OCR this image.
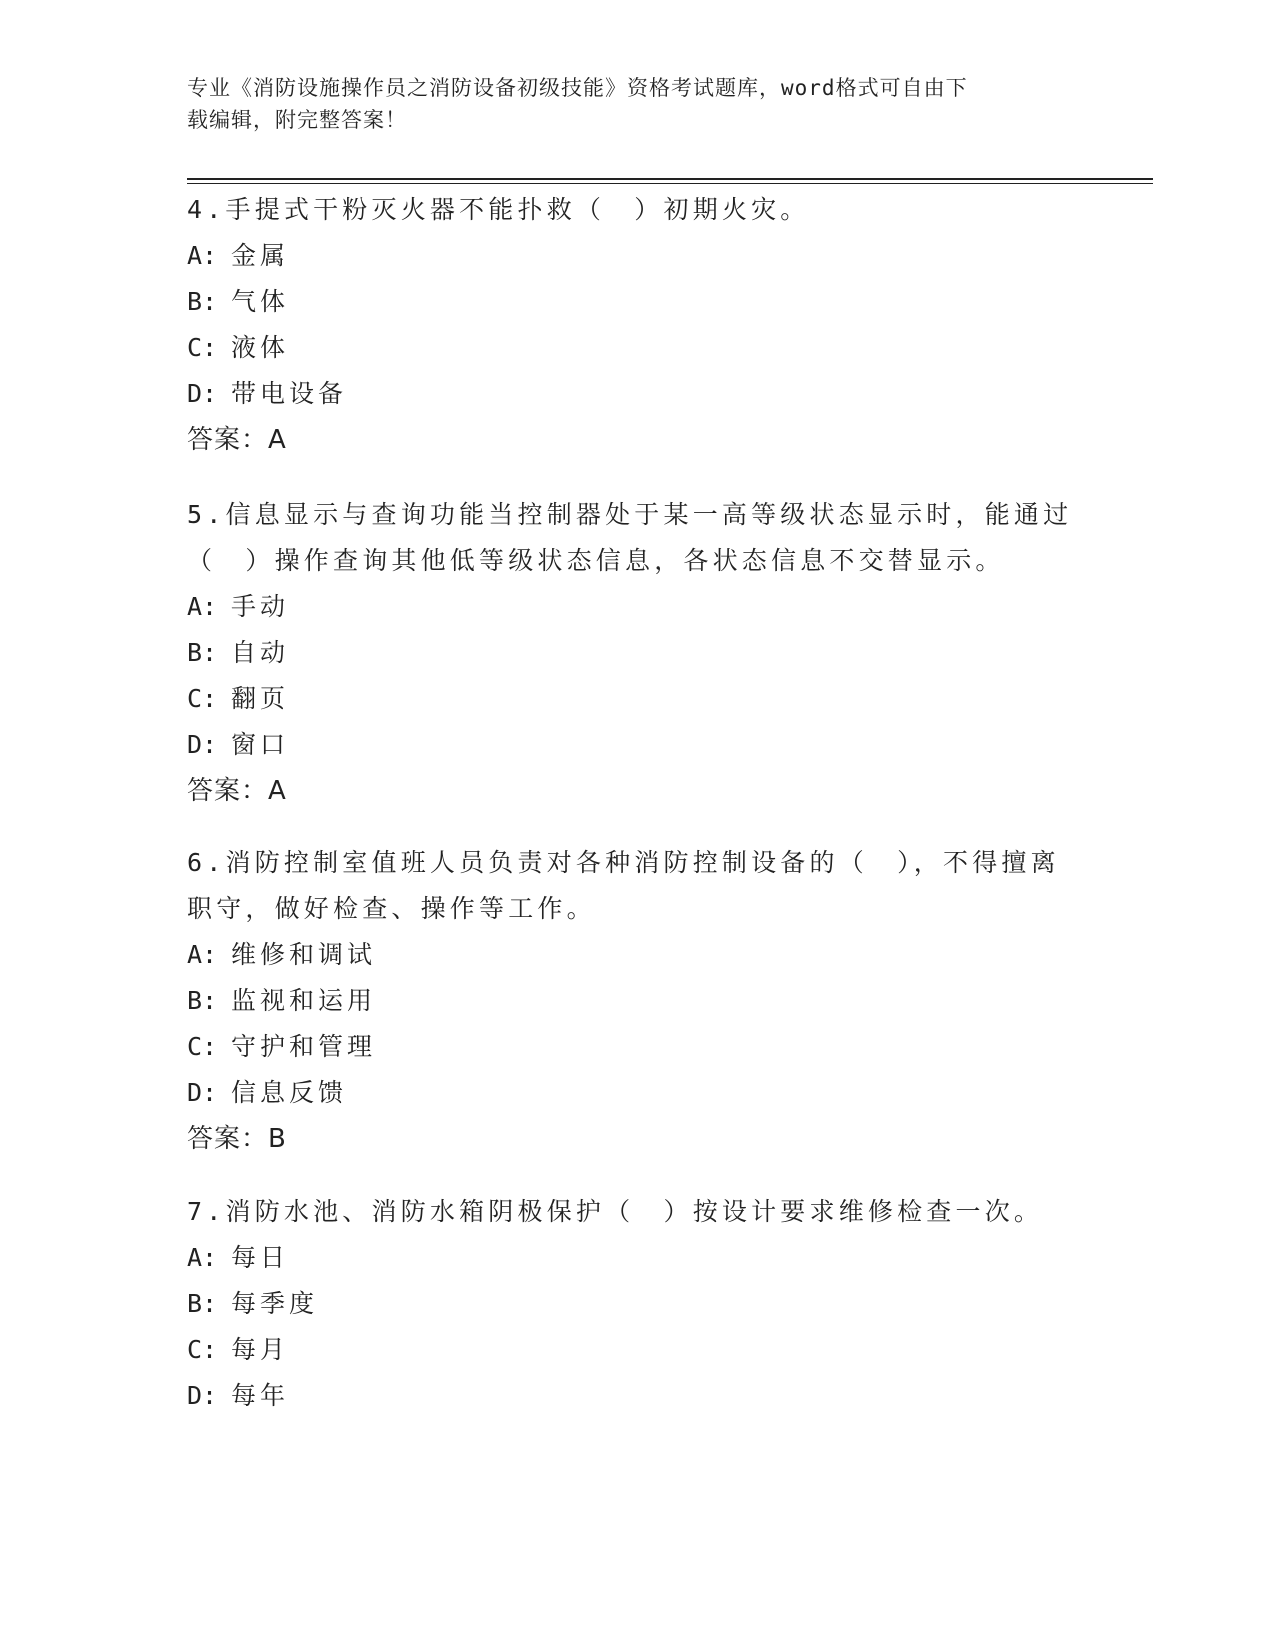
专业《消防设施操作员之消防设备初级技能》资格考试题库，word格式可自由下
载编辑，附完整答案！
4.手提式干粉灭火器不能扑救（　）初期火灾。
A: 金属
B: 气体
C: 液体
D: 带电设备
答案：A
5.信息显示与查询功能当控制器处于某一高等级状态显示时，能通过
（　）操作查询其他低等级状态信息，各状态信息不交替显示。
A: 手动
B: 自动
C: 翻页
D: 窗口
答案：A
6.消防控制室值班人员负责对各种消防控制设备的（　），不得擅离
职守，做好检查、操作等工作。
A: 维修和调试
B: 监视和运用
C: 守护和管理
D: 信息反馈
答案：B
7.消防水池、消防水箱阴极保护（　）按设计要求维修检查一次。
A: 每日
B: 每季度
C: 每月
D: 每年
